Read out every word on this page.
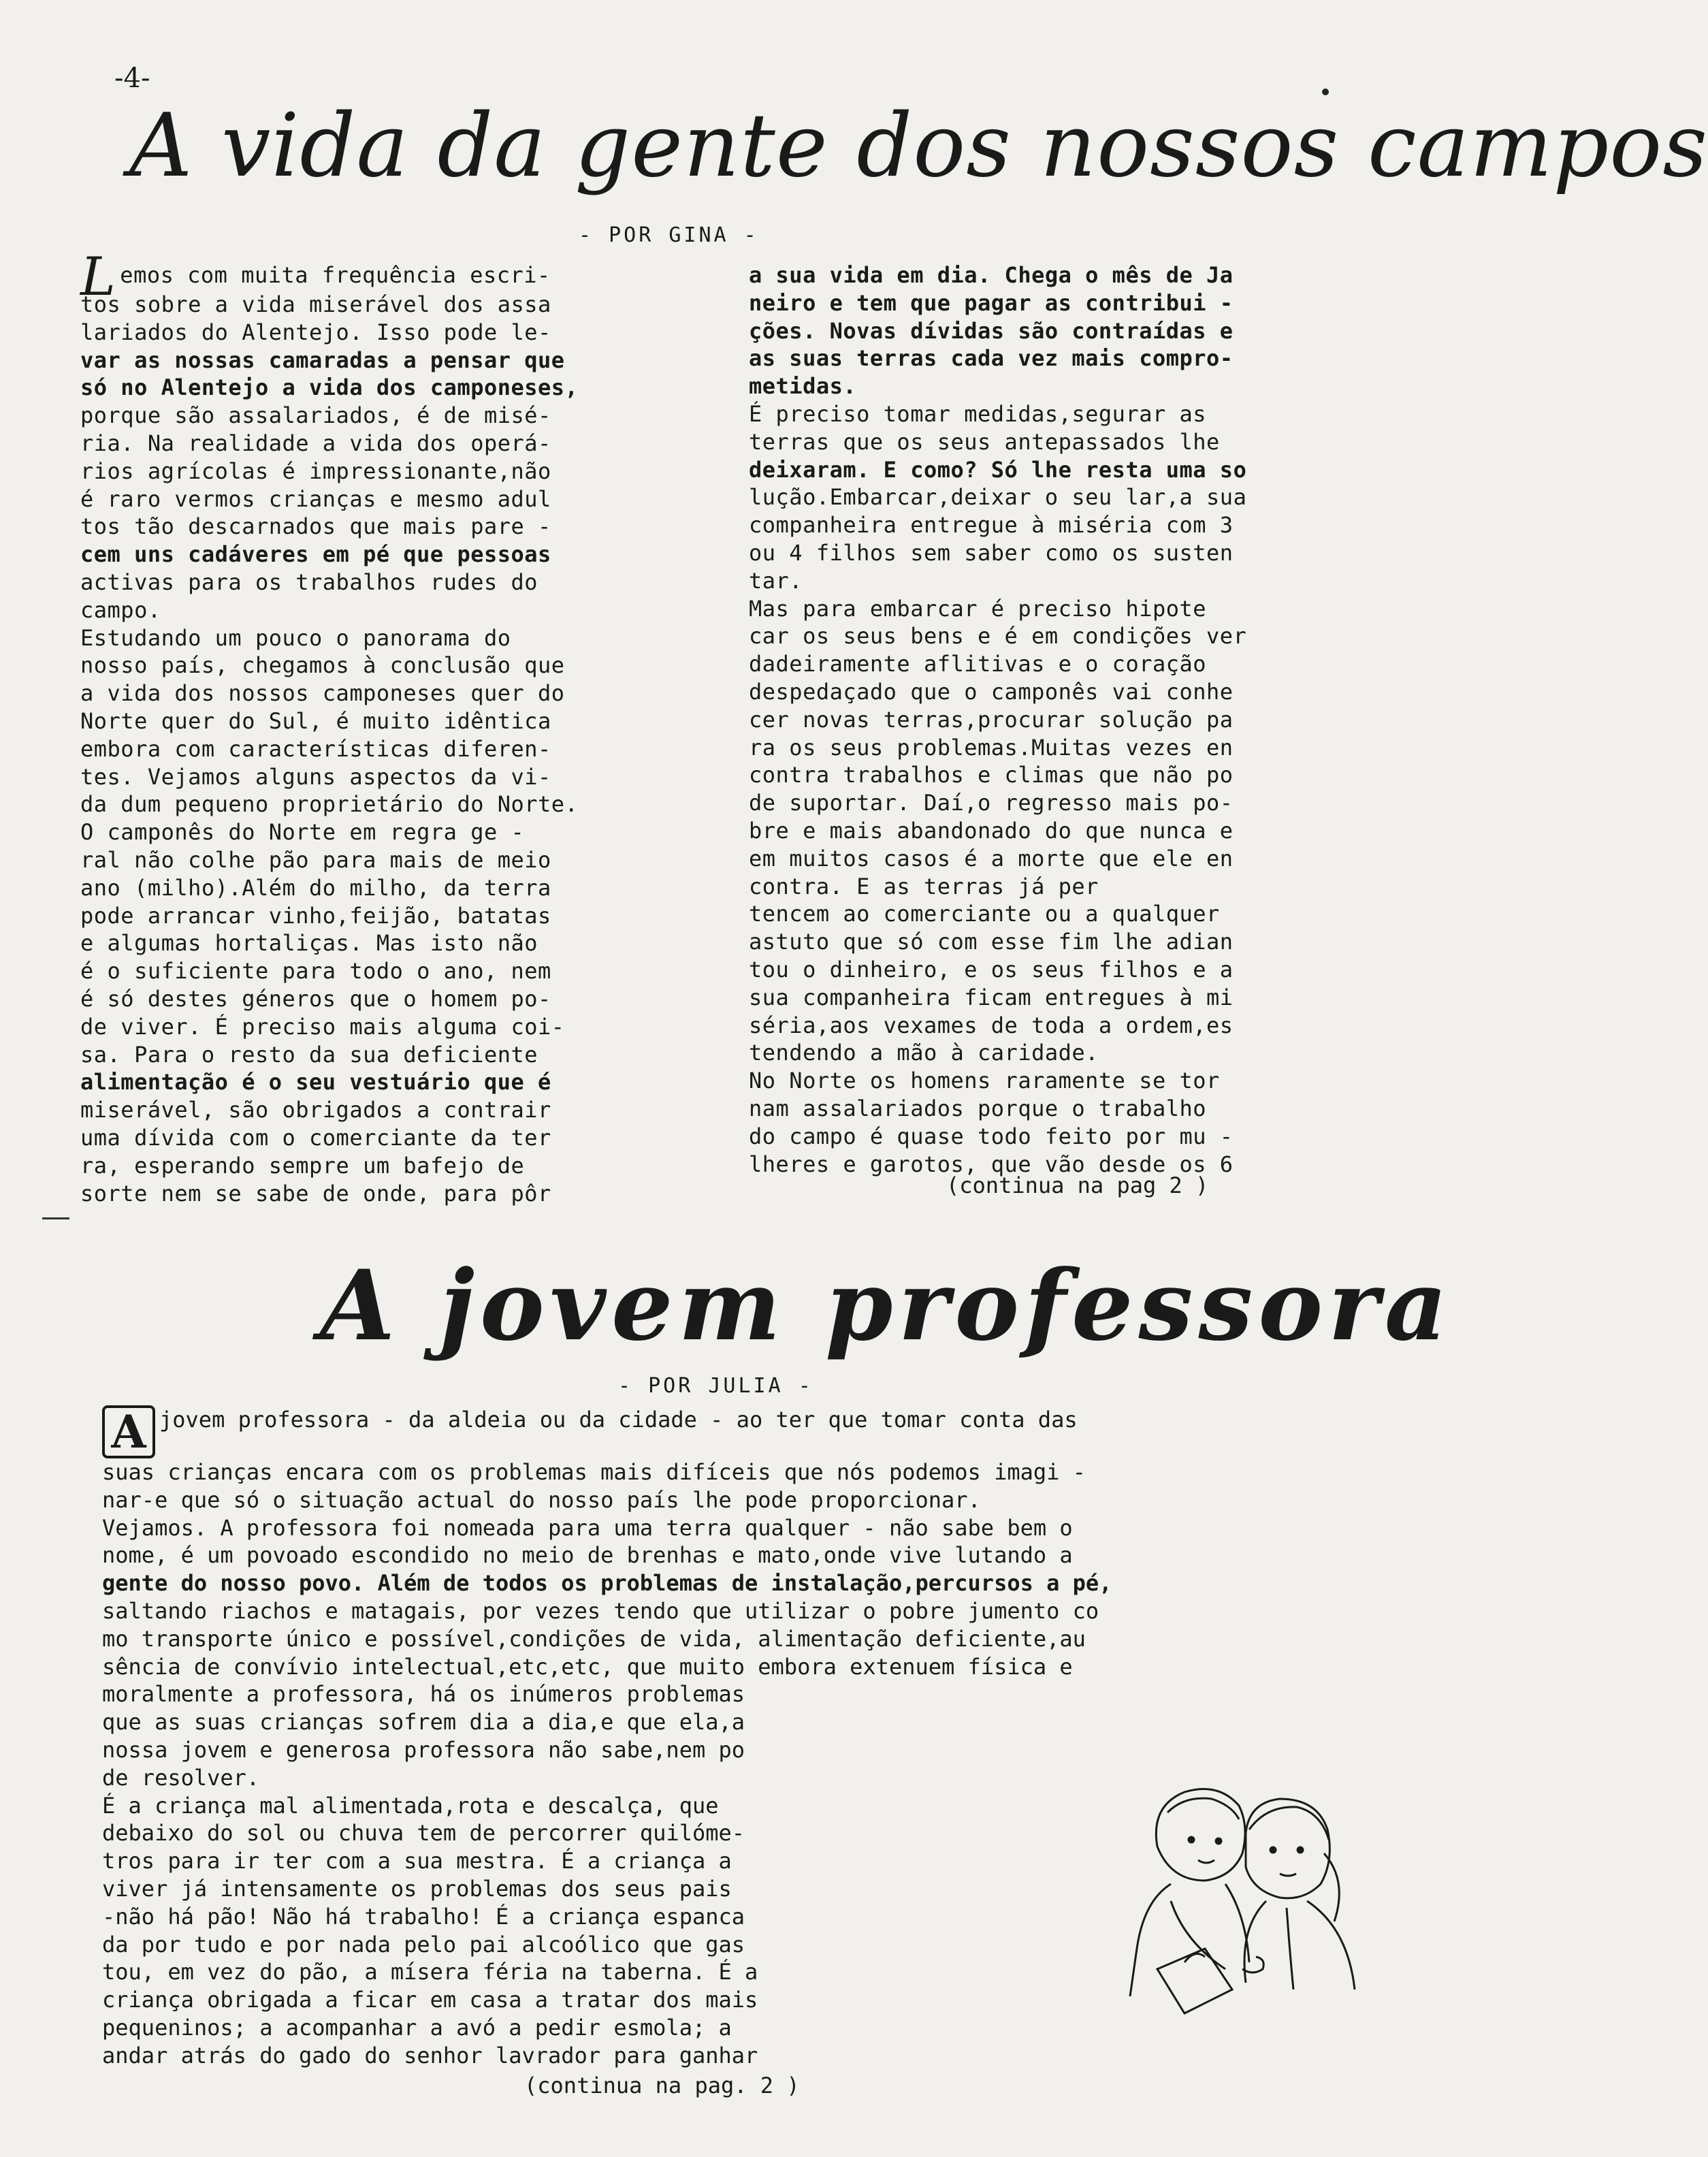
-4-
A vida da gente dos nossos campos
- POR GINA -
Lemos com muita frequência escri-
tos sobre a vida miserável dos assa
lariados do Alentejo. Isso pode le-
var as nossas camaradas a pensar que
só no Alentejo a vida dos camponeses,
porque são assalariados, é de misé-
ria. Na realidade a vida dos operá-
rios agrícolas é impressionante,não
é raro vermos crianças e mesmo adul
tos tão descarnados que mais pare -
cem uns cadáveres em pé que pessoas
activas para os trabalhos rudes do
campo.
Estudando um pouco o panorama do
nosso país, chegamos à conclusão que
a vida dos nossos camponeses quer do
Norte quer do Sul, é muito idêntica
embora com características diferen-
tes. Vejamos alguns aspectos da vi-
da dum pequeno proprietário do Norte.
O camponês do Norte em regra ge -
ral não colhe pão para mais de meio
ano (milho).Além do milho, da terra
pode arrancar vinho,feijão, batatas
e algumas hortaliças. Mas isto não
é o suficiente para todo o ano, nem
é só destes géneros que o homem po-
de viver. É preciso mais alguma coi-
sa. Para o resto da sua deficiente
alimentação é o seu vestuário que é
miserável, são obrigados a contrair
uma dívida com o comerciante da ter
ra, esperando sempre um bafejo de
sorte nem se sabe de onde, para pôr
a sua vida em dia. Chega o mês de Ja
neiro e tem que pagar as contribui -
ções. Novas dívidas são contraídas e
as suas terras cada vez mais compro-
metidas.
É preciso tomar medidas,segurar as
terras que os seus antepassados lhe
deixaram. E como? Só lhe resta uma so
lução.Embarcar,deixar o seu lar,a sua
companheira entregue à miséria com 3
ou 4 filhos sem saber como os susten
tar.
Mas para embarcar é preciso hipote
car os seus bens e é em condições ver
dadeiramente aflitivas e o coração
despedaçado que o camponês vai conhe
cer novas terras,procurar solução pa
ra os seus problemas.Muitas vezes en
contra trabalhos e climas que não po
de suportar. Daí,o regresso mais po-
bre e mais abandonado do que nunca e
em muitos casos é a morte que ele en
contra. E as terras já per
tencem ao comerciante ou a qualquer
astuto que só com esse fim lhe adian
tou o dinheiro, e os seus filhos e a
sua companheira ficam entregues à mi
séria,aos vexames de toda a ordem,es
tendendo a mão à caridade.
No Norte os homens raramente se tor
nam assalariados porque o trabalho
do campo é quase todo feito por mu -
lheres e garotos, que vão desde os 6
(continua na pag 2 )
A jovem professora
- POR JULIA -
A jovem professora - da aldeia ou da cidade - ao ter que tomar conta das
suas crianças encara com os problemas mais difíceis que nós podemos imagi -
nar-e que só o situação actual do nosso país lhe pode proporcionar.
Vejamos. A professora foi nomeada para uma terra qualquer - não sabe bem o
nome, é um povoado escondido no meio de brenhas e mato,onde vive lutando a
gente do nosso povo. Além de todos os problemas de instalação,percursos a pé,
saltando riachos e matagais, por vezes tendo que utilizar o pobre jumento co
mo transporte único e possível,condições de vida, alimentação deficiente,au
sência de convívio intelectual,etc,etc, que muito embora extenuem física e
moralmente a professora, há os inúmeros problemas
que as suas crianças sofrem dia a dia,e que ela,a
nossa jovem e generosa professora não sabe,nem po
de resolver.
É a criança mal alimentada,rota e descalça, que
debaixo do sol ou chuva tem de percorrer quilóme-
tros para ir ter com a sua mestra. É a criança a
viver já intensamente os problemas dos seus pais
-não há pão! Não há trabalho! É a criança espanca
da por tudo e por nada pelo pai alcoólico que gas
tou, em vez do pão, a mísera féria na taberna. É a
criança obrigada a ficar em casa a tratar dos mais
pequeninos; a acompanhar a avó a pedir esmola; a
andar atrás do gado do senhor lavrador para ganhar
(continua na pag. 2 )
